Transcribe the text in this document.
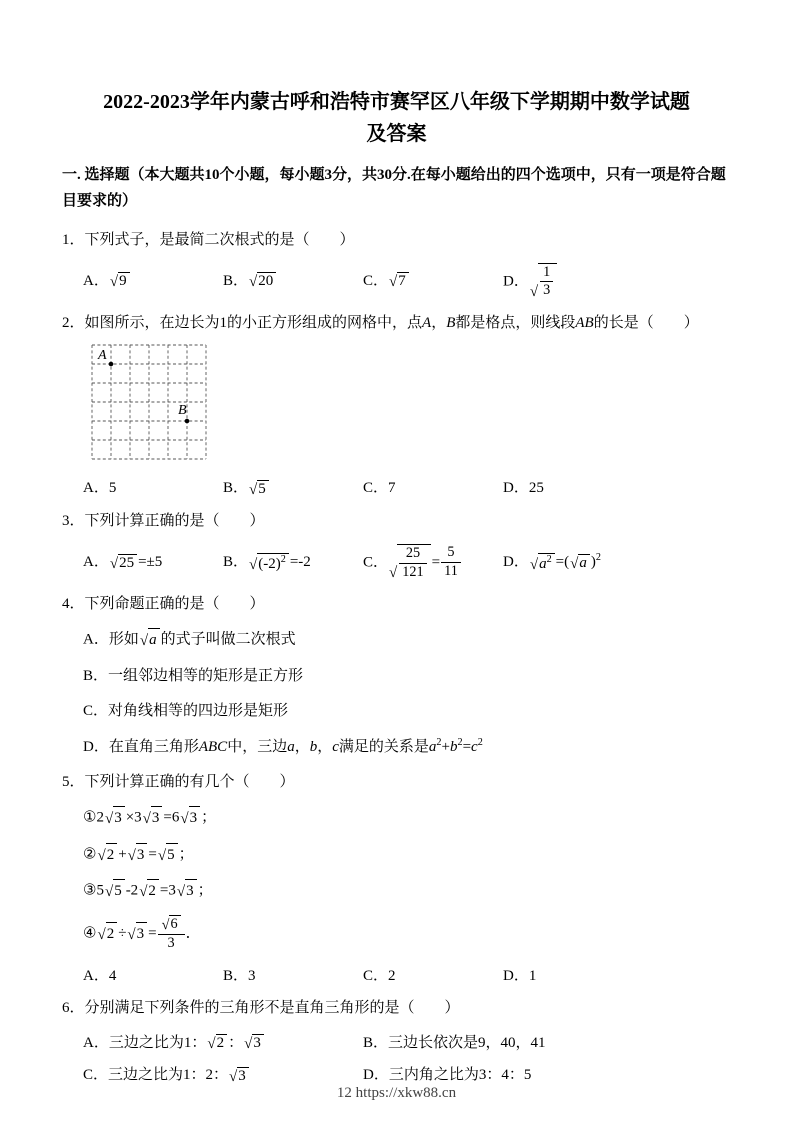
2022-2023学年内蒙古呼和浩特市赛罕区八年级下学期期中数学试题
及答案
一. 选择题（本大题共10个小题，每小题3分，共30分.在每小题给出的四个选项中，只有一项是符合题目要求的）
1．下列式子，是最简二次根式的是（　　）
A． √ 9	B． √ 20	C． √ 7	D．
√ $\frac{1}{3}$
2．如图所示，在边长为1的小正方形组成的网格中，点A，B都是格点，则线段AB的长是（　　）
A
B
A．5	B． √ 5	C．7	D．25
3．下列计算正确的是（　　）
A． √ 25 =±5	B． √ $(-2)^2 =-2$	C．
√ $\frac{25}{121} = \frac{5}{11}$	D． √ $a^2$ =( √ a )$^2$
4．下列命题正确的是（　　）
A．形如 √ a 的式子叫做二次根式
B．一组邻边相等的矩形是正方形
C．对角线相等的四边形是矩形
D．在直角三角形ABC中，三边a，b，c满足的关系是$a^2+b^2=c^2$
5．下列计算正确的有几个（　　）
①2 √ 3 ×3 √ 3 =6 √ 3 ；
② √ 2 + √ 3 = √ 5 ；
③5 √ 5 -2 √ 2 =3 √ 3 ；
④ √ 2 ÷ √ $3 = \frac{√ 6}{3}$ ．
A．4	B．3	C．2	D．1
6．分别满足下列条件的三角形不是直角三角形的是（　　）
A．三边之比为1： √ 2 ： √ 3	B．三边长依次是9，40，41
C．三边之比为1：2： √ 3	D．三内角之比为3：4：5
12 https://xkw88.cn
